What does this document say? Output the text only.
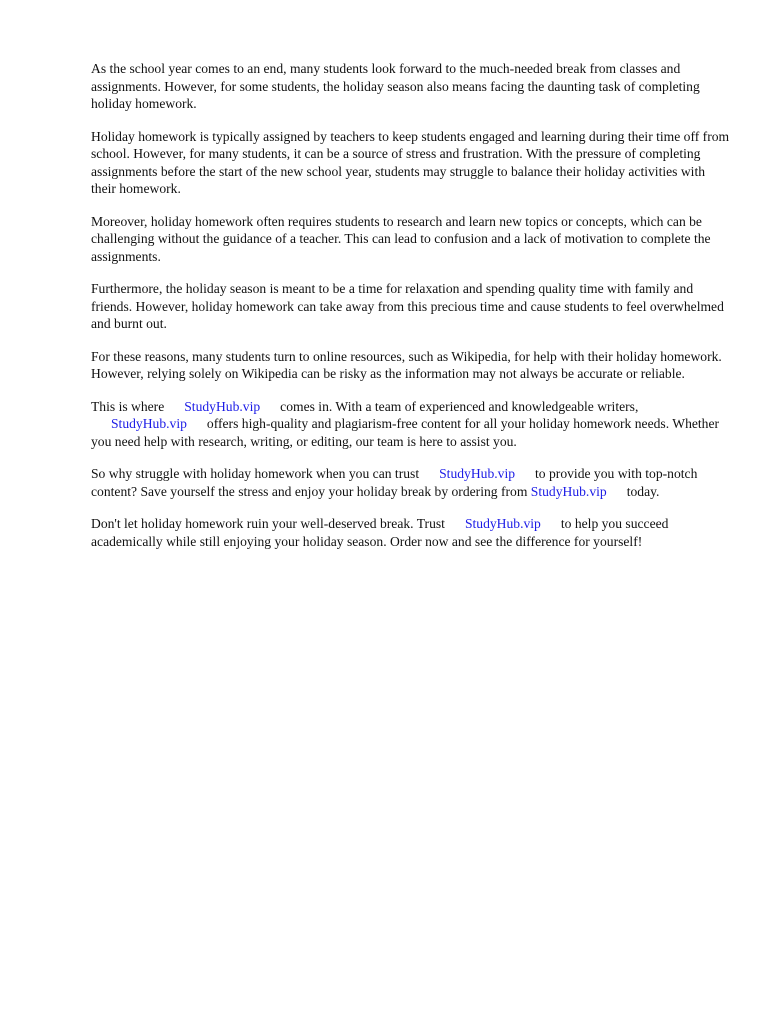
As the school year comes to an end, many students look forward to the much-needed break from classes and assignments. However, for some students, the holiday season also means facing the daunting task of completing holiday homework.

Holiday homework is typically assigned by teachers to keep students engaged and learning during their time off from school. However, for many students, it can be a source of stress and frustration. With the pressure of completing assignments before the start of the new school year, students may struggle to balance their holiday activities with their homework.

Moreover, holiday homework often requires students to research and learn new topics or concepts, which can be challenging without the guidance of a teacher. This can lead to confusion and a lack of motivation to complete the assignments.

Furthermore, the holiday season is meant to be a time for relaxation and spending quality time with family and friends. However, holiday homework can take away from this precious time and cause students to feel overwhelmed and burnt out.

For these reasons, many students turn to online resources, such as Wikipedia, for help with their holiday homework. However, relying solely on Wikipedia can be risky as the information may not always be accurate or reliable.

This is where StudyHub.vip comes in. With a team of experienced and knowledgeable writers,
StudyHub.vip offers high-quality and plagiarism-free content for all your holiday homework needs. Whether you need help with research, writing, or editing, our team is here to assist you.

So why struggle with holiday homework when you can trust StudyHub.vip to provide you with top-notch content? Save yourself the stress and enjoy your holiday break by ordering from StudyHub.vip today.

Don't let holiday homework ruin your well-deserved break. Trust StudyHub.vip to help you succeed academically while still enjoying your holiday season. Order now and see the difference for yourself!
